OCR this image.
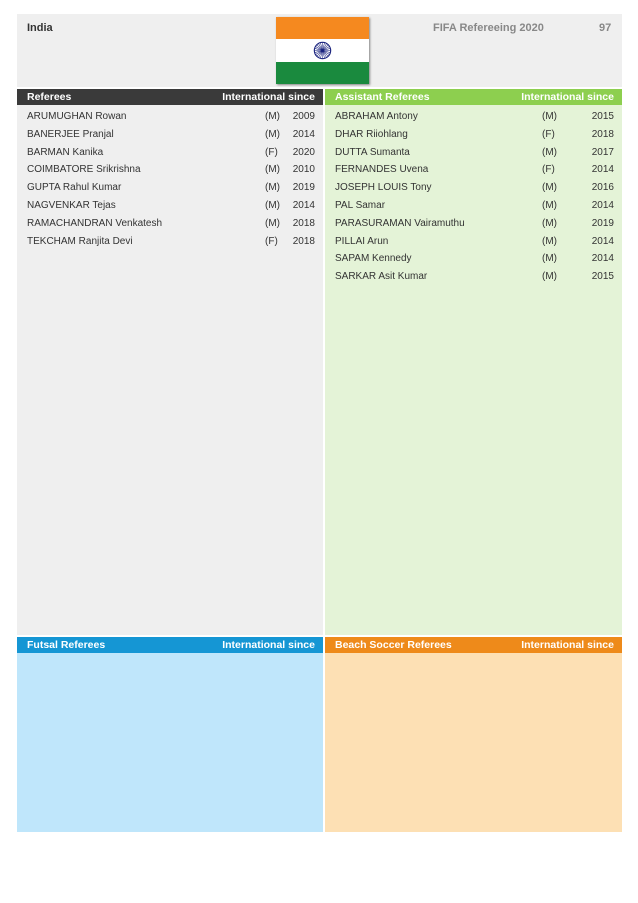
India	FIFA Refereeing 2020	97
Referees	International since
ARUMUGHAN Rowan	(M) 2009
BANERJEE Pranjal	(M) 2014
BARMAN Kanika	(F) 2020
COIMBATORE Srikrishna	(M) 2010
GUPTA Rahul Kumar	(M) 2019
NAGVENKAR Tejas	(M) 2014
RAMACHANDRAN Venkatesh	(M) 2018
TEKCHAM Ranjita Devi	(F) 2018
Assistant Referees	International since
ABRAHAM Antony	(M)	2015
DHAR Riiohlang	(F)	2018
DUTTA Sumanta	(M)	2017
FERNANDES Uvena	(F)	2014
JOSEPH LOUIS Tony	(M)	2016
PAL Samar	(M)	2014
PARASURAMAN Vairamuthu	(M)	2019
PILLAI Arun	(M)	2014
SAPAM Kennedy	(M)	2014
SARKAR Asit Kumar	(M)	2015
Futsal Referees	International since Beach Soccer Referees	International since
